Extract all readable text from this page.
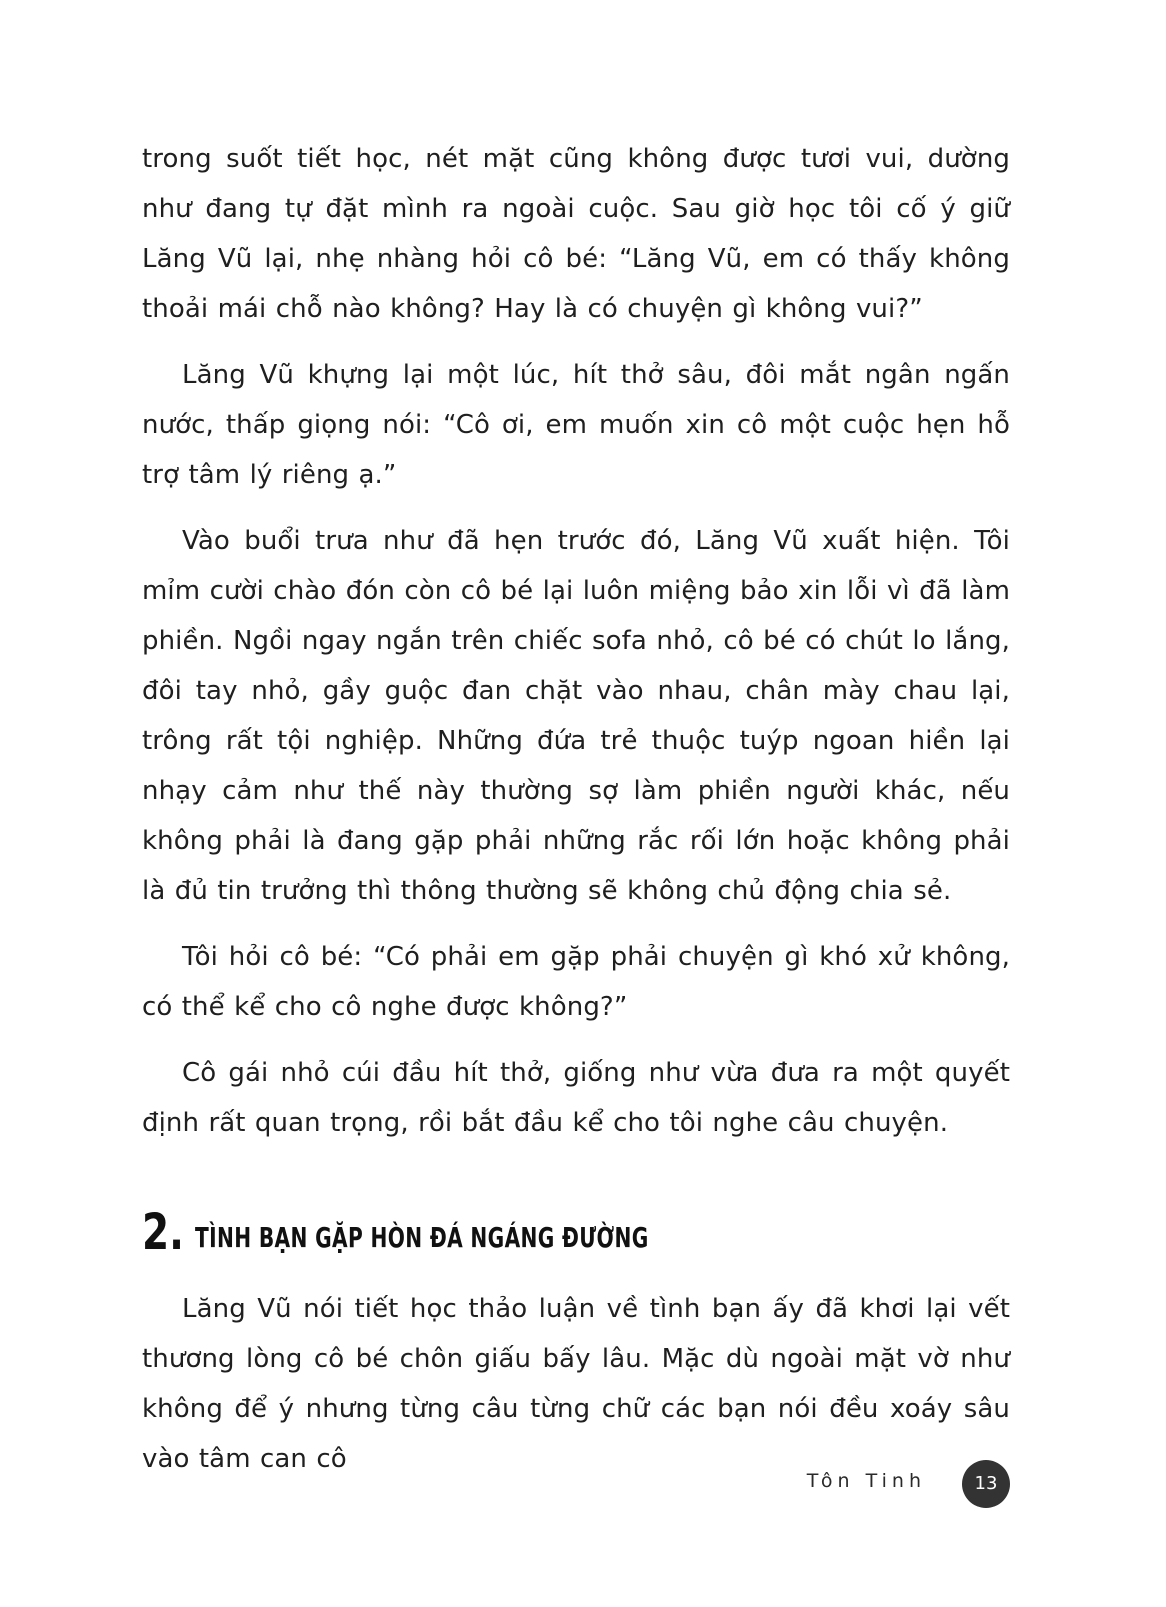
trong suốt tiết học, nét mặt cũng không được tươi vui, dường như đang tự đặt mình ra ngoài cuộc. Sau giờ học tôi cố ý giữ Lăng Vũ lại, nhẹ nhàng hỏi cô bé: “Lăng Vũ, em có thấy không thoải mái chỗ nào không? Hay là có chuyện gì không vui?”

Lăng Vũ khựng lại một lúc, hít thở sâu, đôi mắt ngân ngấn nước, thấp giọng nói: “Cô ơi, em muốn xin cô một cuộc hẹn hỗ trợ tâm lý riêng ạ.”

Vào buổi trưa như đã hẹn trước đó, Lăng Vũ xuất hiện. Tôi mỉm cười chào đón còn cô bé lại luôn miệng bảo xin lỗi vì đã làm phiền. Ngồi ngay ngắn trên chiếc sofa nhỏ, cô bé có chút lo lắng, đôi tay nhỏ, gầy guộc đan chặt vào nhau, chân mày chau lại, trông rất tội nghiệp. Những đứa trẻ thuộc tuýp ngoan hiền lại nhạy cảm như thế này thường sợ làm phiền người khác, nếu không phải là đang gặp phải những rắc rối lớn hoặc không phải là đủ tin trưởng thì thông thường sẽ không chủ động chia sẻ.

Tôi hỏi cô bé: “Có phải em gặp phải chuyện gì khó xử không, có thể kể cho cô nghe được không?”

Cô gái nhỏ cúi đầu hít thở, giống như vừa đưa ra một quyết định rất quan trọng, rồi bắt đầu kể cho tôi nghe câu chuyện.

2. TÌNH BẠN GẶP HÒN ĐÁ NGÁNG ĐƯỜNG

Lăng Vũ nói tiết học thảo luận về tình bạn ấy đã khơi lại vết thương lòng cô bé chôn giấu bấy lâu. Mặc dù ngoài mặt vờ như không để ý nhưng từng câu từng chữ các bạn nói đều xoáy sâu vào tâm can cô

Tôn Tinh	13
